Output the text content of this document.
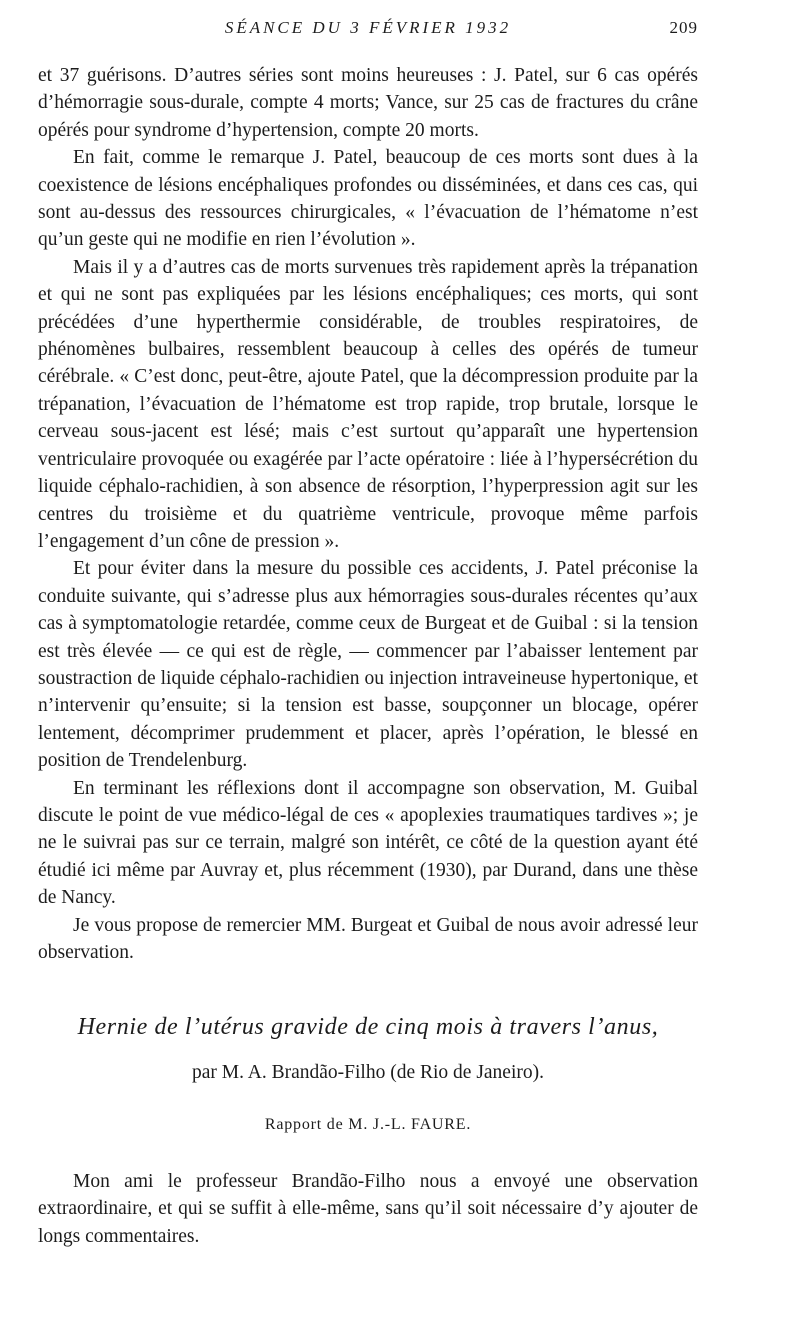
SÉANCE DU 3 FÉVRIER 1932	209

et 37 guérisons. D’autres séries sont moins heureuses : J. Patel, sur 6 cas opérés d’hémorragie sous-durale, compte 4 morts; Vance, sur 25 cas de fractures du crâne opérés pour syndrome d’hypertension, compte 20 morts.

En fait, comme le remarque J. Patel, beaucoup de ces morts sont dues à la coexistence de lésions encéphaliques profondes ou disséminées, et dans ces cas, qui sont au-dessus des ressources chirurgicales, « l’évacuation de l’hématome n’est qu’un geste qui ne modifie en rien l’évolution ».

Mais il y a d’autres cas de morts survenues très rapidement après la trépanation et qui ne sont pas expliquées par les lésions encéphaliques; ces morts, qui sont précédées d’une hyperthermie considérable, de troubles respiratoires, de phénomènes bulbaires, ressemblent beaucoup à celles des opérés de tumeur cérébrale. « C’est donc, peut-être, ajoute Patel, que la décompression produite par la trépanation, l’évacuation de l’hématome est trop rapide, trop brutale, lorsque le cerveau sous-jacent est lésé; mais c’est surtout qu’apparaît une hypertension ventriculaire provoquée ou exagérée par l’acte opératoire : liée à l’hypersécrétion du liquide céphalo-rachidien, à son absence de résorption, l’hyperpression agit sur les centres du troisième et du quatrième ventricule, provoque même parfois l’engagement d’un cône de pression ».

Et pour éviter dans la mesure du possible ces accidents, J. Patel préconise la conduite suivante, qui s’adresse plus aux hémorragies sous-durales récentes qu’aux cas à symptomatologie retardée, comme ceux de Burgeat et de Guibal : si la tension est très élevée — ce qui est de règle, — commencer par l’abaisser lentement par soustraction de liquide céphalo-rachidien ou injection intraveineuse hypertonique, et n’intervenir qu’ensuite; si la tension est basse, soupçonner un blocage, opérer lentement, décomprimer prudemment et placer, après l’opération, le blessé en position de Trendelenburg.

En terminant les réflexions dont il accompagne son observation, M. Guibal discute le point de vue médico-légal de ces « apoplexies traumatiques tardives »; je ne le suivrai pas sur ce terrain, malgré son intérêt, ce côté de la question ayant été étudié ici même par Auvray et, plus récemment (1930), par Durand, dans une thèse de Nancy.

Je vous propose de remercier MM. Burgeat et Guibal de nous avoir adressé leur observation.

Hernie de l’utérus gravide de cinq mois à travers l’anus,
par M. A. Brandão-Filho (de Rio de Janeiro).
Rapport de M. J.-L. FAURE.

Mon ami le professeur Brandão-Filho nous a envoyé une observation extraordinaire, et qui se suffit à elle-même, sans qu’il soit nécessaire d’y ajouter de longs commentaires.
